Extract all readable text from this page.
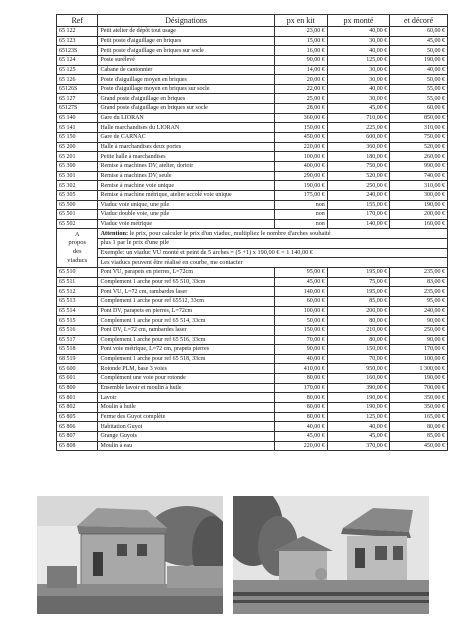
Ref	Désignations	px en kit	px monté	et décoré
65 122	Petit atelier de dépôt tout usage	23,00 €	40,00 €	60,00 €
65 123	Petit poste d'aiguillage en briques	15,00 €	30,00 €	45,00 €
65123S	Petit poste d'aiguillage en briques sur socle	16,00 €	40,00 €	50,00 €
65 124	Poste surélevé	90,00 €	125,00 €	190,00 €
65 125	Cabane de cantonnier	14,00 €	30,00 €	40,00 €
65 126	Poste d'aiguillage moyen en briques	20,00 €	30,00 €	50,00 €
65126S	Poste d'aiguillage moyen en briques sur socle	22,00 €	40,00 €	55,00 €
65 127	Grand poste d'aiguillage en briques	25,00 €	30,00 €	55,00 €
65127S	Grand poste d'aiguillage en briques sur socle	28,00 €	45,00 €	60,00 €
65 140	Gare du LIORAN	360,00 €	710,00 €	850,00 €
65 141	Halle marchandises du LIORAN	150,00 €	225,00 €	310,00 €
65 150	Gare de CARNAC	450,00 €	600,00 €	750,00 €
65 200	Halle à marchandises deux portes	220,00 €	360,00 €	520,00 €
65 201	Petite halle à marchandises	100,00 €	180,00 €	260,00 €
65 300	Remise à machines DV, atelier, dortoir	400,00 €	750,00 €	990,00 €
65 301	Remise à machines DV, seule	290,00 €	520,00 €	740,00 €
65 302	Remise à machine voie unique	190,00 €	250,00 €	310,00 €
65 305	Remise à machine métrique, atelier accolé voie unique	175,00 €	240,00 €	300,00 €
65 500	Viaduc voie unique, une pile	non	155,00 €	190,00 €
65 501	Viaduc double voie, une pile	non	170,00 €	200,00 €
65 502	Viaduc voie métrique	non	140,00 €	160,00 €
A
propos
des
viaducs	Attention: le prix, pour calculer le prix d'un viaduc, multipliez le nombre d'arches souhaité			
	plus 1 par le prix d'une pile			
	Exemple: un viaduc VU monté et peint de 5 arches = (5 +1) x 190,00 € = 1 140,00 €			
	Les viaducs peuvent être réalisé en courbe, me contacter			
65 510	Pont VU, parapets en pierres, L=72cm	95,00 €	195,00 €	235,00 €
65 511	Complement 1 arche pour ref 65 510, 33cm	45,00 €	75,00 €	83,00 €
65 512	Pont VU, L=72 cm, rambardes laser	140,00 €	195,00 €	235,00 €
65 513	Complement 1 arche pour ref 65512, 33cm	60,00 €	85,00 €	95,00 €
65 514	Pont DV, parapets en pierres, L=72cm	100,00 €	200,00 €	240,00 €
65 515	Complement 1 arche pour ref 65 514, 33cm	50,00 €	80,00 €	90,00 €
65 516	Pont DV, L=72 cm, rambardes laser	150,00 €	210,00 €	250,00 €
65 517	Complement 1 arche pour ref 65 516, 33cm	70,00 €	80,00 €	90,00 €
65 518	Pont voie métrique, L=72 cm, prapets pierres	90,00 €	150,00 €	170,00 €
68 519	Complement 1 arche pour ref 65 518, 33cm	40,00 €	70,00 €	100,00 €
65 600	Rotonde PLM, base 3 voies	410,00 €	950,00 €	1 300,00 €
65 601	Complément une voie pour rotonde	80,00 €	160,00 €	190,00 €
65 800	Ensemble lavoir et moulin à huile	170,00 €	390,00 €	700,00 €
65 801	Lavoir	80,00 €	190,00 €	350,00 €
65 802	Moulin à huile	80,00 €	190,00 €	350,00 €
65 805	Ferme des Guyot complète	80,00 €	125,00 €	165,00 €
65 806	Habitation Guyot	40,00 €	40,00 €	80,00 €
65 807	Grange Guyots	45,00 €	45,00 €	85,00 €
65 808	Moulin à eau	220,00 €	370,00 €	450,00 €
